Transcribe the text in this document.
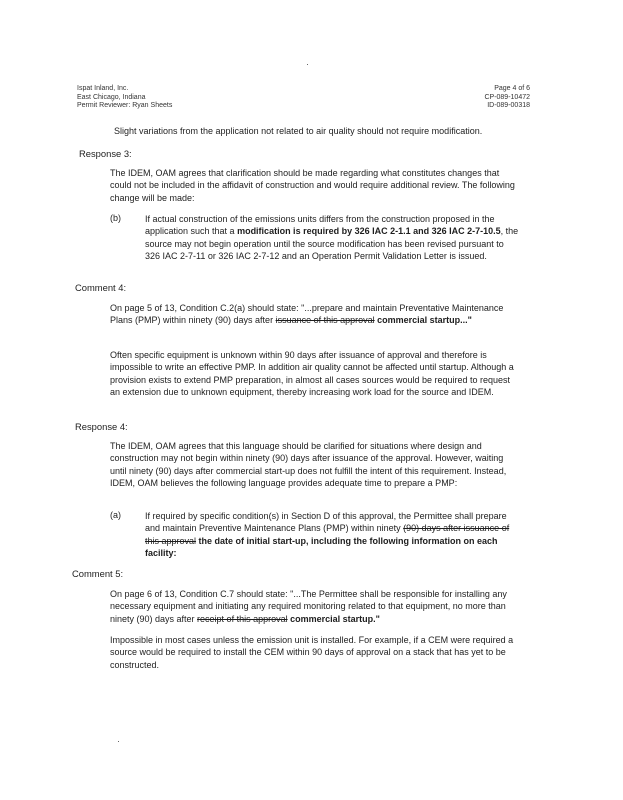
Ispat Inland, Inc.
East Chicago, Indiana
Permit Reviewer: Ryan Sheets
Page 4 of 6
CP-089-10472
ID-089-00318
Slight variations from the application not related to air quality should not require modification.
Response 3:
The IDEM, OAM agrees that clarification should be made regarding what constitutes changes that could not be included in the affidavit of construction and would require additional review. The following change will be made:
(b)	If actual construction of the emissions units differs from the construction proposed in the application such that a modification is required by 326 IAC 2-1.1 and 326 IAC 2-7-10.5, the source may not begin operation until the source modification has been revised pursuant to 326 IAC 2-7-11 or 326 IAC 2-7-12 and an Operation Permit Validation Letter is issued.
Comment 4:
On page 5 of 13, Condition C.2(a) should state: "...prepare and maintain Preventative Maintenance Plans (PMP) within ninety (90) days after issuance of this approval commercial startup..."
Often specific equipment is unknown within 90 days after issuance of approval and therefore is impossible to write an effective PMP. In addition air quality cannot be affected until startup. Although a provision exists to extend PMP preparation, in almost all cases sources would be required to request an extension due to unknown equipment, thereby increasing work load for the source and IDEM.
Response 4:
The IDEM, OAM agrees that this language should be clarified for situations where design and construction may not begin within ninety (90) days after issuance of the approval. However, waiting until ninety (90) days after commercial start-up does not fulfill the intent of this requirement. Instead, IDEM, OAM believes the following language provides adequate time to prepare a PMP:
(a)	If required by specific condition(s) in Section D of this approval, the Permittee shall prepare and maintain Preventive Maintenance Plans (PMP) within ninety (90) days after issuance of this approval the date of initial start-up, including the following information on each facility:
Comment 5:
On page 6 of 13, Condition C.7 should state: "...The Permittee shall be responsible for installing any necessary equipment and initiating any required monitoring related to that equipment, no more than ninety (90) days after receipt of this approval commercial startup."
Impossible in most cases unless the emission unit is installed. For example, if a CEM were required a source would be required to install the CEM within 90 days of approval on a stack that has yet to be constructed.
